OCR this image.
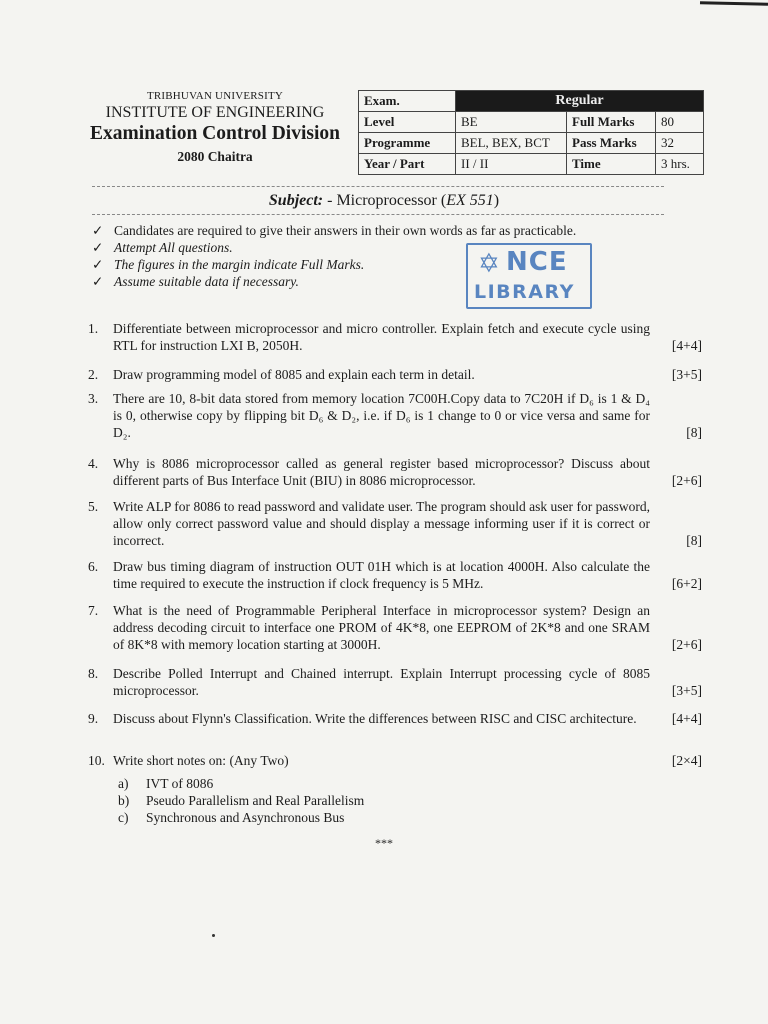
TRIBHUVAN UNIVERSITY
INSTITUTE OF ENGINEERING
Examination Control Division
2080 Chaitra
Exam.	Regular		
Level	BE	Full Marks	80
Programme	BEL, BEX, BCT	Pass Marks	32
Year / Part	II / II	Time	3 hrs.
Subject: - Microprocessor (EX 551)
✓ Candidates are required to give their answers in their own words as far as practicable.
✓ Attempt All questions.
✓ The figures in the margin indicate Full Marks.
✓ Assume suitable data if necessary.
✡ NCE
LIBRARY
1.	Differentiate between microprocessor and micro controller. Explain fetch and execute cycle using RTL for instruction LXI B, 2050H.	[4+4]
2.	Draw programming model of 8085 and explain each term in detail.	[3+5]
3.	There are 10, 8-bit data stored from memory location 7C00H.Copy data to 7C20H if D₆ is 1 & D₄ is 0, otherwise copy by flipping bit D₆ & D₂, i.e. if D₆ is 1 change to 0 or vice versa and same for D₂.	[8]
4.	Why is 8086 microprocessor called as general register based microprocessor? Discuss about different parts of Bus Interface Unit (BIU) in 8086 microprocessor.	[2+6]
5.	Write ALP for 8086 to read password and validate user. The program should ask user for password, allow only correct password value and should display a message informing user if it is correct or incorrect.	[8]
6.	Draw bus timing diagram of instruction OUT 01H which is at location 4000H. Also calculate the time required to execute the instruction if clock frequency is 5 MHz.	[6+2]
7.	What is the need of Programmable Peripheral Interface in microprocessor system? Design an address decoding circuit to interface one PROM of 4K*8, one EEPROM of 2K*8 and one SRAM of 8K*8 with memory location starting at 3000H.	[2+6]
8.	Describe Polled Interrupt and Chained interrupt. Explain Interrupt processing cycle of 8085 microprocessor.	[3+5]
9.	Discuss about Flynn's Classification. Write the differences between RISC and CISC architecture.	[4+4]
10. Write short notes on: (Any Two)	[2×4]
a)	IVT of 8086
b)	Pseudo Parallelism and Real Parallelism
c)	Synchronous and Asynchronous Bus
***
